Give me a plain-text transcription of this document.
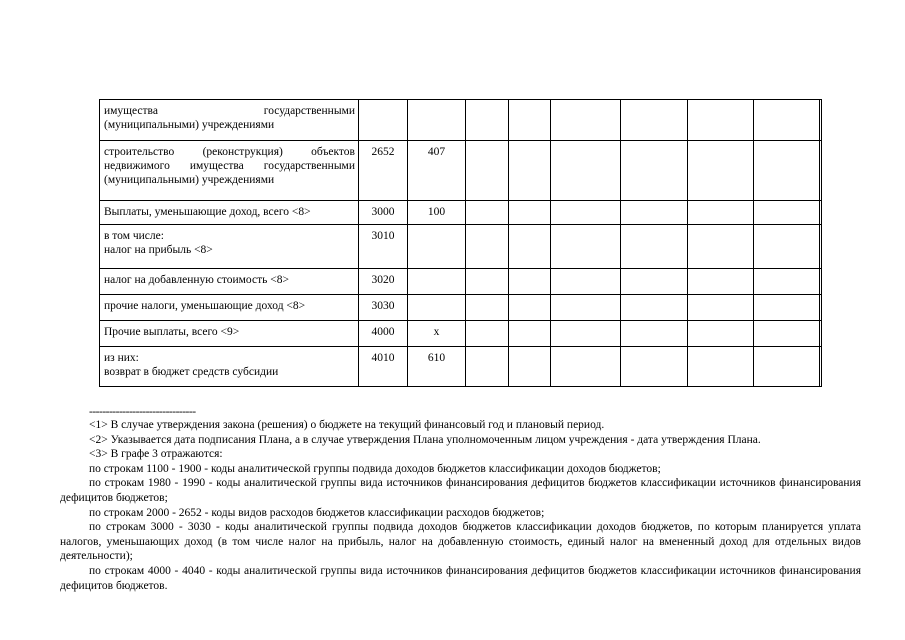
имущества государственными
(муниципальными) учреждениями									

строительство (реконструкция) объектов недвижимого имущества государственными (муниципальными) учреждениями	2652	407							

Выплаты, уменьшающие доход, всего <8>	3000	100							

в том числе:
налог на прибыль <8>	3010								

налог на добавленную стоимость <8>	3020								

прочие налоги, уменьшающие доход <8>	3030								

Прочие выплаты, всего <9>	4000	x							

из них:
возврат в бюджет средств субсидии	4010	610							
--------------------------------

<1> В случае утверждения закона (решения) о бюджете на текущий финансовый год и плановый период.

<2> Указывается дата подписания Плана, а в случае утверждения Плана уполномоченным лицом учреждения - дата утверждения Плана.

<3> В графе 3 отражаются:

по строкам 1100 - 1900 - коды аналитической группы подвида доходов бюджетов классификации доходов бюджетов;

по строкам 1980 - 1990 - коды аналитической группы вида источников финансирования дефицитов бюджетов классификации источников финансирования дефицитов бюджетов;

по строкам 2000 - 2652 - коды видов расходов бюджетов классификации расходов бюджетов;

по строкам 3000 - 3030 - коды аналитической группы подвида доходов бюджетов классификации доходов бюджетов, по которым планируется уплата налогов, уменьшающих доход (в том числе налог на прибыль, налог на добавленную стоимость, единый налог на вмененный доход для отдельных видов деятельности);

по строкам 4000 - 4040 - коды аналитической группы вида источников финансирования дефицитов бюджетов классификации источников финансирования дефицитов бюджетов.
